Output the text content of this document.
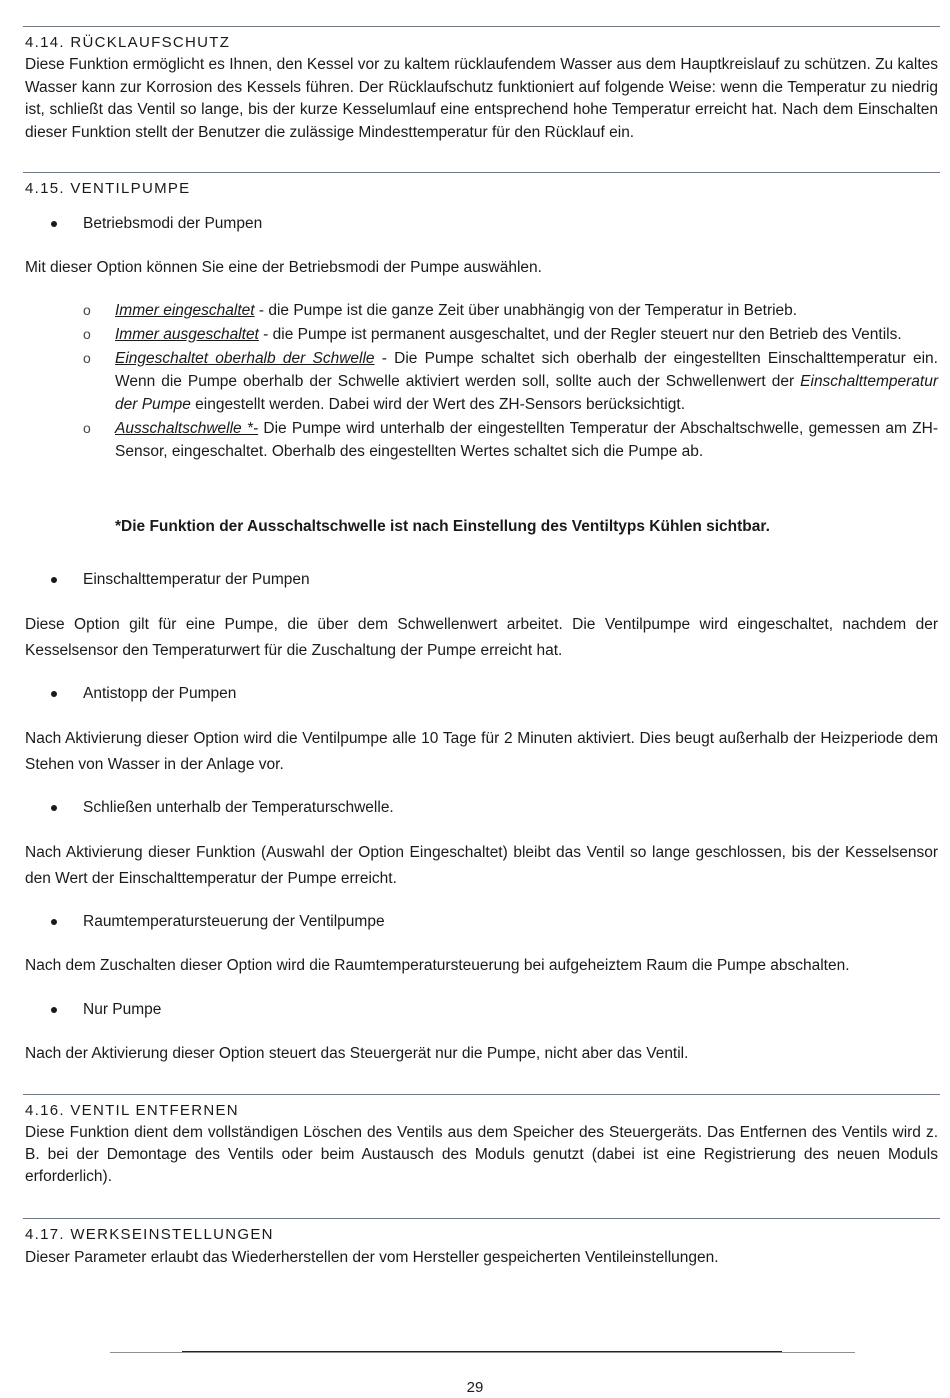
4.14. RÜCKLAUFSCHUTZ

Diese Funktion ermöglicht es Ihnen, den Kessel vor zu kaltem rücklaufendem Wasser aus dem Hauptkreislauf zu schützen. Zu kaltes Wasser kann zur Korrosion des Kessels führen. Der Rücklaufschutz funktioniert auf folgende Weise: wenn die Temperatur zu niedrig ist, schließt das Ventil so lange, bis der kurze Kesselumlauf eine entsprechend hohe Temperatur erreicht hat. Nach dem Einschalten dieser Funktion stellt der Benutzer die zulässige Mindesttemperatur für den Rücklauf ein.

4.15. VENTILPUMPE
Betriebsmodi der Pumpen

Mit dieser Option können Sie eine der Betriebsmodi der Pumpe auswählen.

o Immer eingeschaltet - die Pumpe ist die ganze Zeit über unabhängig von der Temperatur in Betrieb.
o Immer ausgeschaltet - die Pumpe ist permanent ausgeschaltet, und der Regler steuert nur den Betrieb des Ventils.
o Eingeschaltet oberhalb der Schwelle - Die Pumpe schaltet sich oberhalb der eingestellten Einschalttemperatur ein. Wenn die Pumpe oberhalb der Schwelle aktiviert werden soll, sollte auch der Schwellenwert der Einschalttemperatur der Pumpe eingestellt werden. Dabei wird der Wert des ZH-Sensors berücksichtigt.
o Ausschaltschwelle *- Die Pumpe wird unterhalb der eingestellten Temperatur der Abschaltschwelle, gemessen am ZH-Sensor, eingeschaltet. Oberhalb des eingestellten Wertes schaltet sich die Pumpe ab.
*Die Funktion der Ausschaltschwelle ist nach Einstellung des Ventiltyps Kühlen sichtbar.
Einschalttemperatur der Pumpen

Diese Option gilt für eine Pumpe, die über dem Schwellenwert arbeitet. Die Ventilpumpe wird eingeschaltet, nachdem der Kesselsensor den Temperaturwert für die Zuschaltung der Pumpe erreicht hat.

Antistopp der Pumpen

Nach Aktivierung dieser Option wird die Ventilpumpe alle 10 Tage für 2 Minuten aktiviert. Dies beugt außerhalb der Heizperiode dem Stehen von Wasser in der Anlage vor.

Schließen unterhalb der Temperaturschwelle.

Nach Aktivierung dieser Funktion (Auswahl der Option Eingeschaltet) bleibt das Ventil so lange geschlossen, bis der Kesselsensor den Wert der Einschalttemperatur der Pumpe erreicht.

Raumtemperatursteuerung der Ventilpumpe

Nach dem Zuschalten dieser Option wird die Raumtemperatursteuerung bei aufgeheiztem Raum die Pumpe abschalten.

Nur Pumpe

Nach der Aktivierung dieser Option steuert das Steuergerät nur die Pumpe, nicht aber das Ventil.

4.16. VENTIL ENTFERNEN

Diese Funktion dient dem vollständigen Löschen des Ventils aus dem Speicher des Steuergeräts. Das Entfernen des Ventils wird z. B. bei der Demontage des Ventils oder beim Austausch des Moduls genutzt (dabei ist eine Registrierung des neuen Moduls erforderlich).

4.17. WERKSEINSTELLUNGEN

Dieser Parameter erlaubt das Wiederherstellen der vom Hersteller gespeicherten Ventileinstellungen.

29
